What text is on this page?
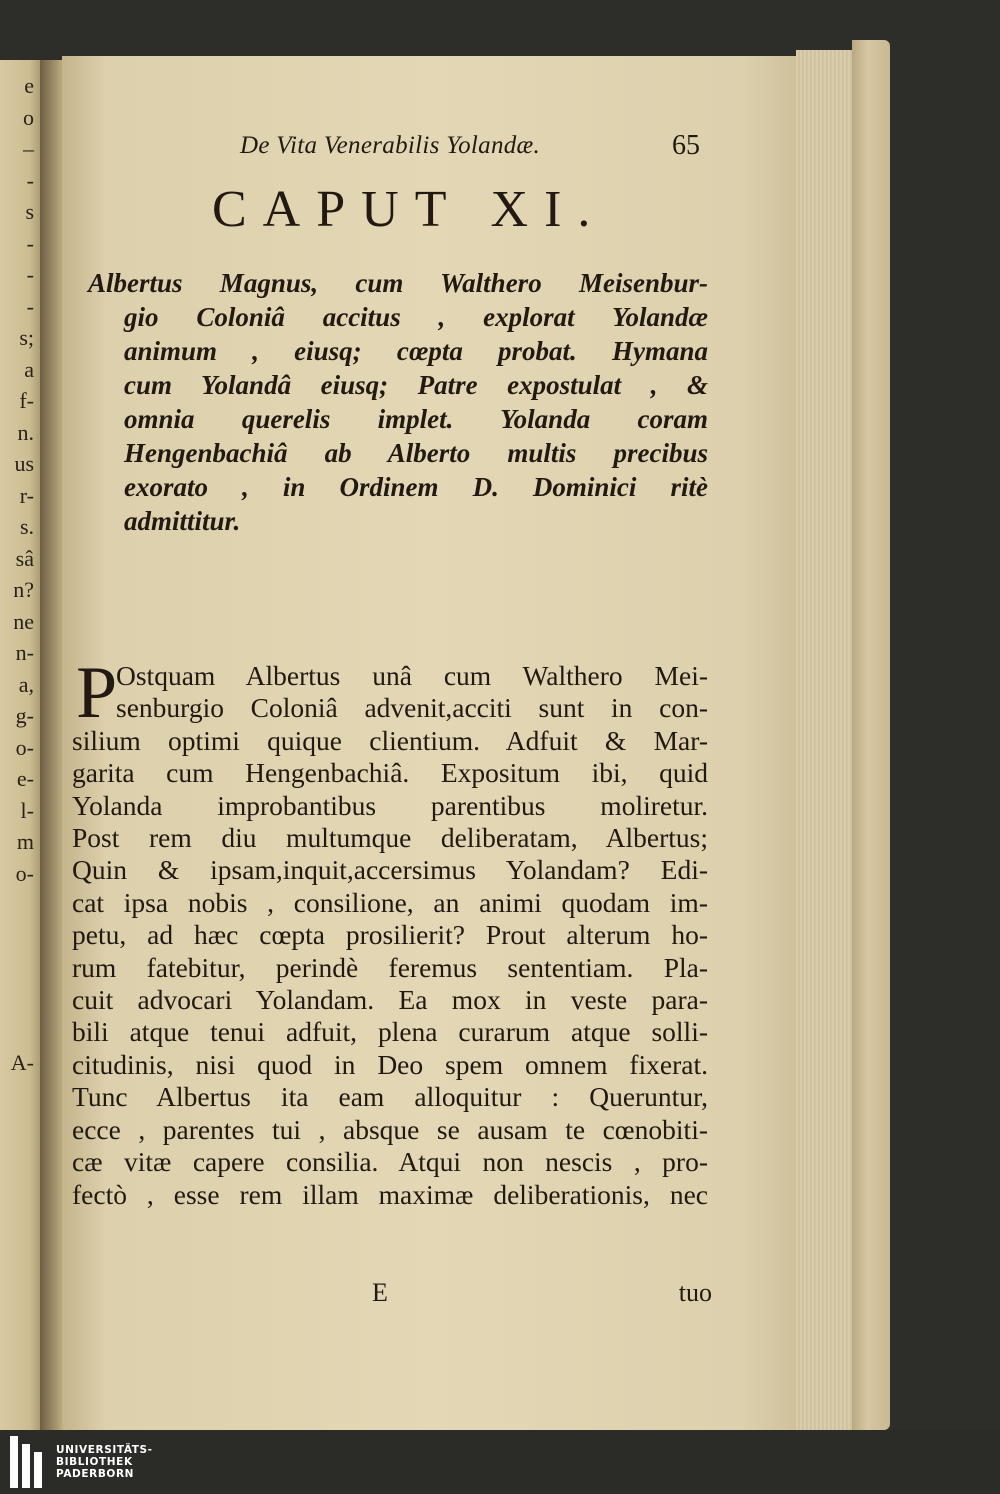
e
o
–
-
s
-
-
-
s;
a
f-
n.
us
r-
s.
sâ
n?
ne
n-
a,
g-
o-
e-
l-
m
o-

A-
De Vita Venerabilis Yolandæ.	65
CAPUT XI.
Albertus Magnus, cum Walthero Meisenbur-
gio Coloniâ accitus , explorat Yolandæ
animum , eiusq; cœpta probat. Hymana
cum Yolandâ eiusq; Patre expostulat , &
omnia querelis implet. Yolanda coram
Hengenbachiâ ab Alberto multis precibus
exorato , in Ordinem D. Dominici ritè
admittitur.
P
Ostquam Albertus unâ cum Walthero Mei-
senburgio Coloniâ advenit,acciti sunt in con-
silium optimi quique clientium. Adfuit & Mar-
garita cum Hengenbachiâ. Expositum ibi, quid
Yolanda improbantibus parentibus moliretur.
Post rem diu multumque deliberatam, Albertus;
Quin & ipsam,inquit,accersimus Yolandam? Edi-
cat ipsa nobis , consilione, an animi quodam im-
petu, ad hæc cœpta prosilierit? Prout alterum ho-
rum fatebitur, perindè feremus sententiam. Pla-
cuit advocari Yolandam. Ea mox in veste para-
bili atque tenui adfuit, plena curarum atque solli-
citudinis, nisi quod in Deo spem omnem fixerat.
Tunc Albertus ita eam alloquitur : Queruntur,
ecce , parentes tui , absque se ausam te cœnobiti-
cæ vitæ capere consilia. Atqui non nescis , pro-
fectò , esse rem illam maximæ deliberationis, nec
E	tuo
UNIVERSITÄTS-
BIBLIOTHEK
PADERBORN
